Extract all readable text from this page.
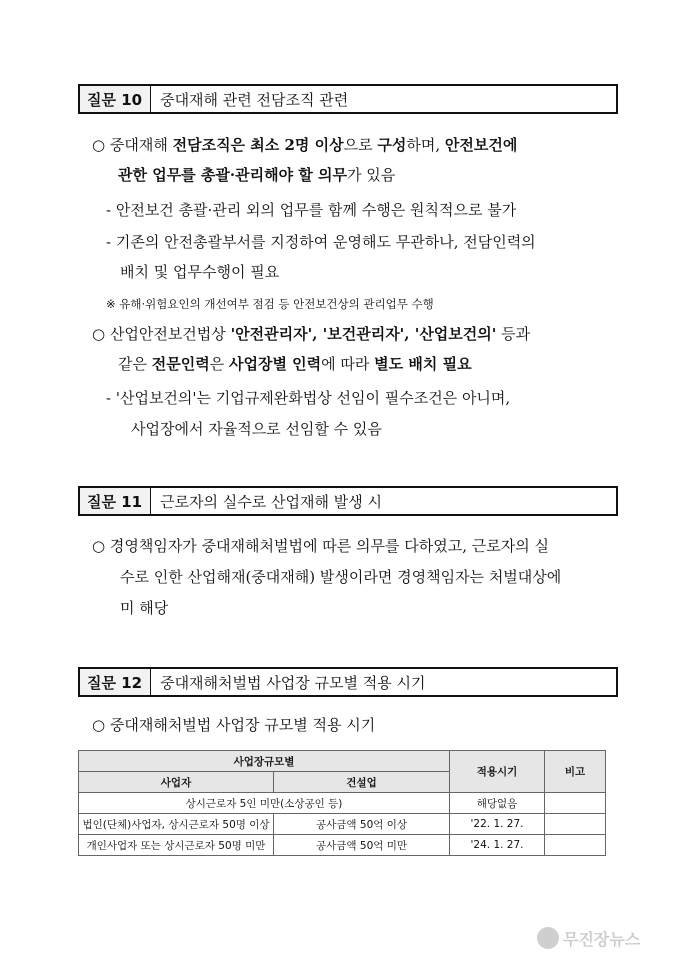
질문 10	중대재해 관련 전담조직 관련
○ 중대재해 전담조직은 최소 2명 이상으로 구성하며, 안전보건에
관한 업무를 총괄·관리해야 할 의무가 있음
- 안전보건 총괄·관리 외의 업무를 함께 수행은 원칙적으로 불가
- 기존의 안전총괄부서를 지정하여 운영해도 무관하나, 전담인력의
배치 및 업무수행이 필요
※ 유해·위험요인의 개선여부 점검 등 안전보건상의 관리업무 수행
○ 산업안전보건법상 '안전관리자', '보건관리자', '산업보건의' 등과
같은 전문인력은 사업장별 인력에 따라 별도 배치 필요
- '산업보건의'는 기업규제완화법상 선임이 필수조건은 아니며,
사업장에서 자율적으로 선임할 수 있음
질문 11	근로자의 실수로 산업재해 발생 시
○ 경영책임자가 중대재해처벌법에 따른 의무를 다하였고, 근로자의 실
수로 인한 산업해재(중대재해) 발생이라면 경영책임자는 처벌대상에
미 해당
질문 12	중대재해처벌법 사업장 규모별 적용 시기
○ 중대재해처벌법 사업장 규모별 적용 시기
사업장규모별		적용시기	비고
사업자	건설업		
상시근로자 5인 미만(소상공인 등)		해당없음	
법인(단체)사업자, 상시근로자 50명 이상	공사금액 50억 이상	'22. 1. 27.	
개인사업자 또는 상시근로자 50명 미만	공사금액 50억 미만	'24. 1. 27.	
무진장뉴스
